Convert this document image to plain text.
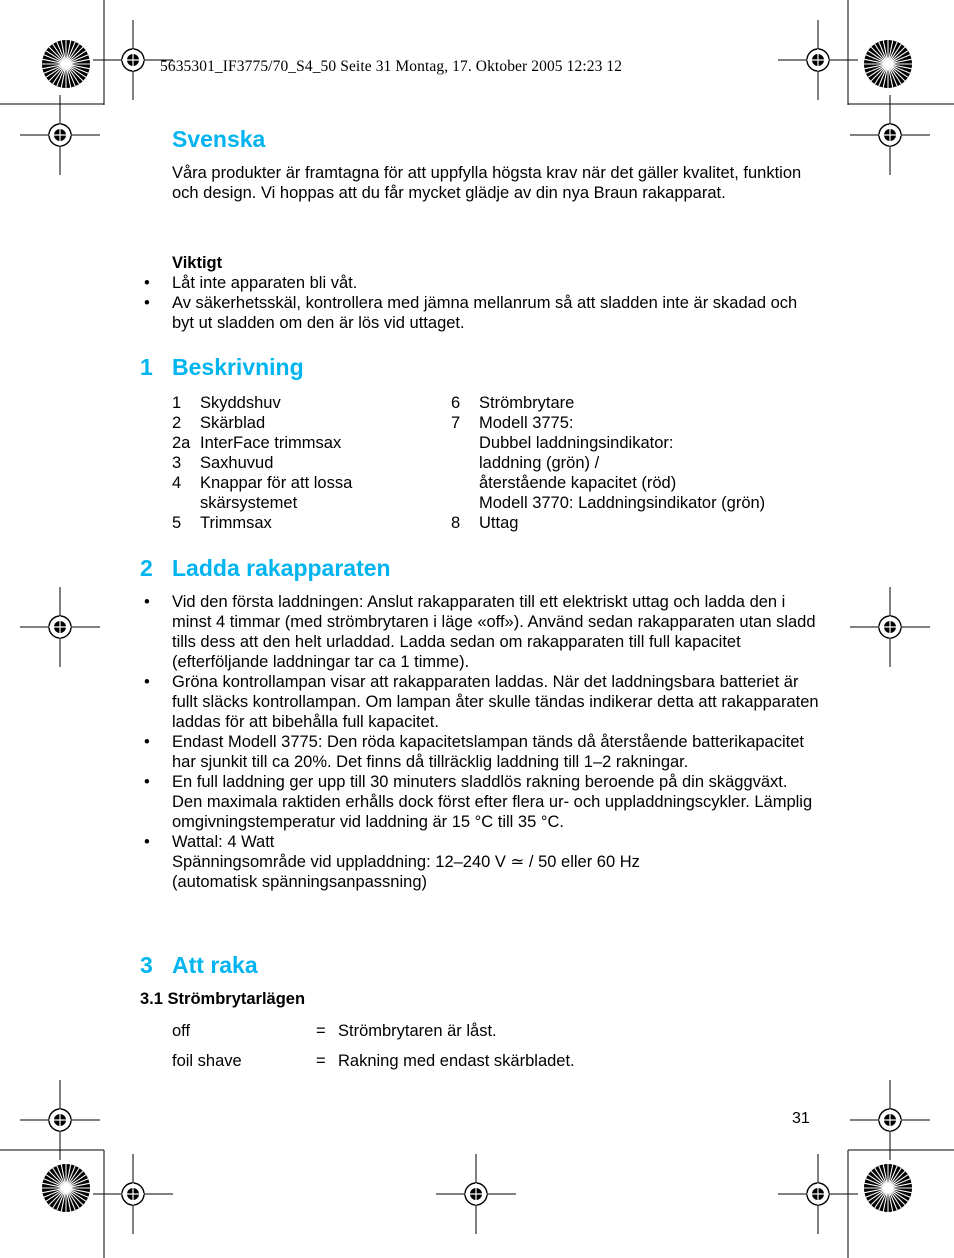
5635301_IF3775/70_S4_50 Seite 31 Montag, 17. Oktober 2005 12:23 12
Svenska

Våra produkter är framtagna för att uppfylla högsta krav när det gäller kvalitet, funktion och design. Vi hoppas att du får mycket glädje av din nya Braun rakapparat.

Viktigt

• Låt inte apparaten bli våt.
• Av säkerhetsskäl, kontrollera med jämna mellanrum så att sladden inte är skadad och byt ut sladden om den är lös vid uttaget.
1 Beskrivning
1 Skyddshuv
2 Skärblad
2a InterFace trimmsax
3 Saxhuvud
4 Knappar för att lossa
skärsystemet
5 Trimmsax
6 Strömbrytare
7 Modell 3775:
Dubbel laddningsindikator:
laddning (grön) /
återstående kapacitet (röd)
Modell 3770: Laddningsindikator (grön)
8 Uttag
2 Ladda rakapparaten
• Vid den första laddningen: Anslut rakapparaten till ett elektriskt uttag och ladda den i minst 4 timmar (med strömbrytaren i läge «off»). Använd sedan rakapparaten utan sladd tills dess att den helt urladdad. Ladda sedan om rakapparaten till full kapacitet (efterföljande laddningar tar ca 1 timme).
• Gröna kontrollampan visar att rakapparaten laddas. När det laddningsbara batteriet är fullt släcks kontrollampan. Om lampan åter skulle tändas indikerar detta att rakapparaten laddas för att bibehålla full kapacitet.
• Endast Modell 3775: Den röda kapacitetslampan tänds då återstående batterikapacitet har sjunkit till ca 20%. Det finns då tillräcklig laddning till 1–2 rakningar.
• En full laddning ger upp till 30 minuters sladdlös rakning beroende på din skäggväxt. Den maximala raktiden erhålls dock först efter flera ur- och uppladdningscykler. Lämplig omgivningstemperatur vid laddning är 15 °C till 35 °C.
• Wattal: 4 Watt
Spänningsområde vid uppladdning: 12–240 V ≃ / 50 eller 60 Hz
(automatisk spänningsanpassning)
3 Att raka

3.1 Strömbrytarlägen

off	= Strömbrytaren är låst.
foil shave	= Rakning med endast skärbladet.
31
